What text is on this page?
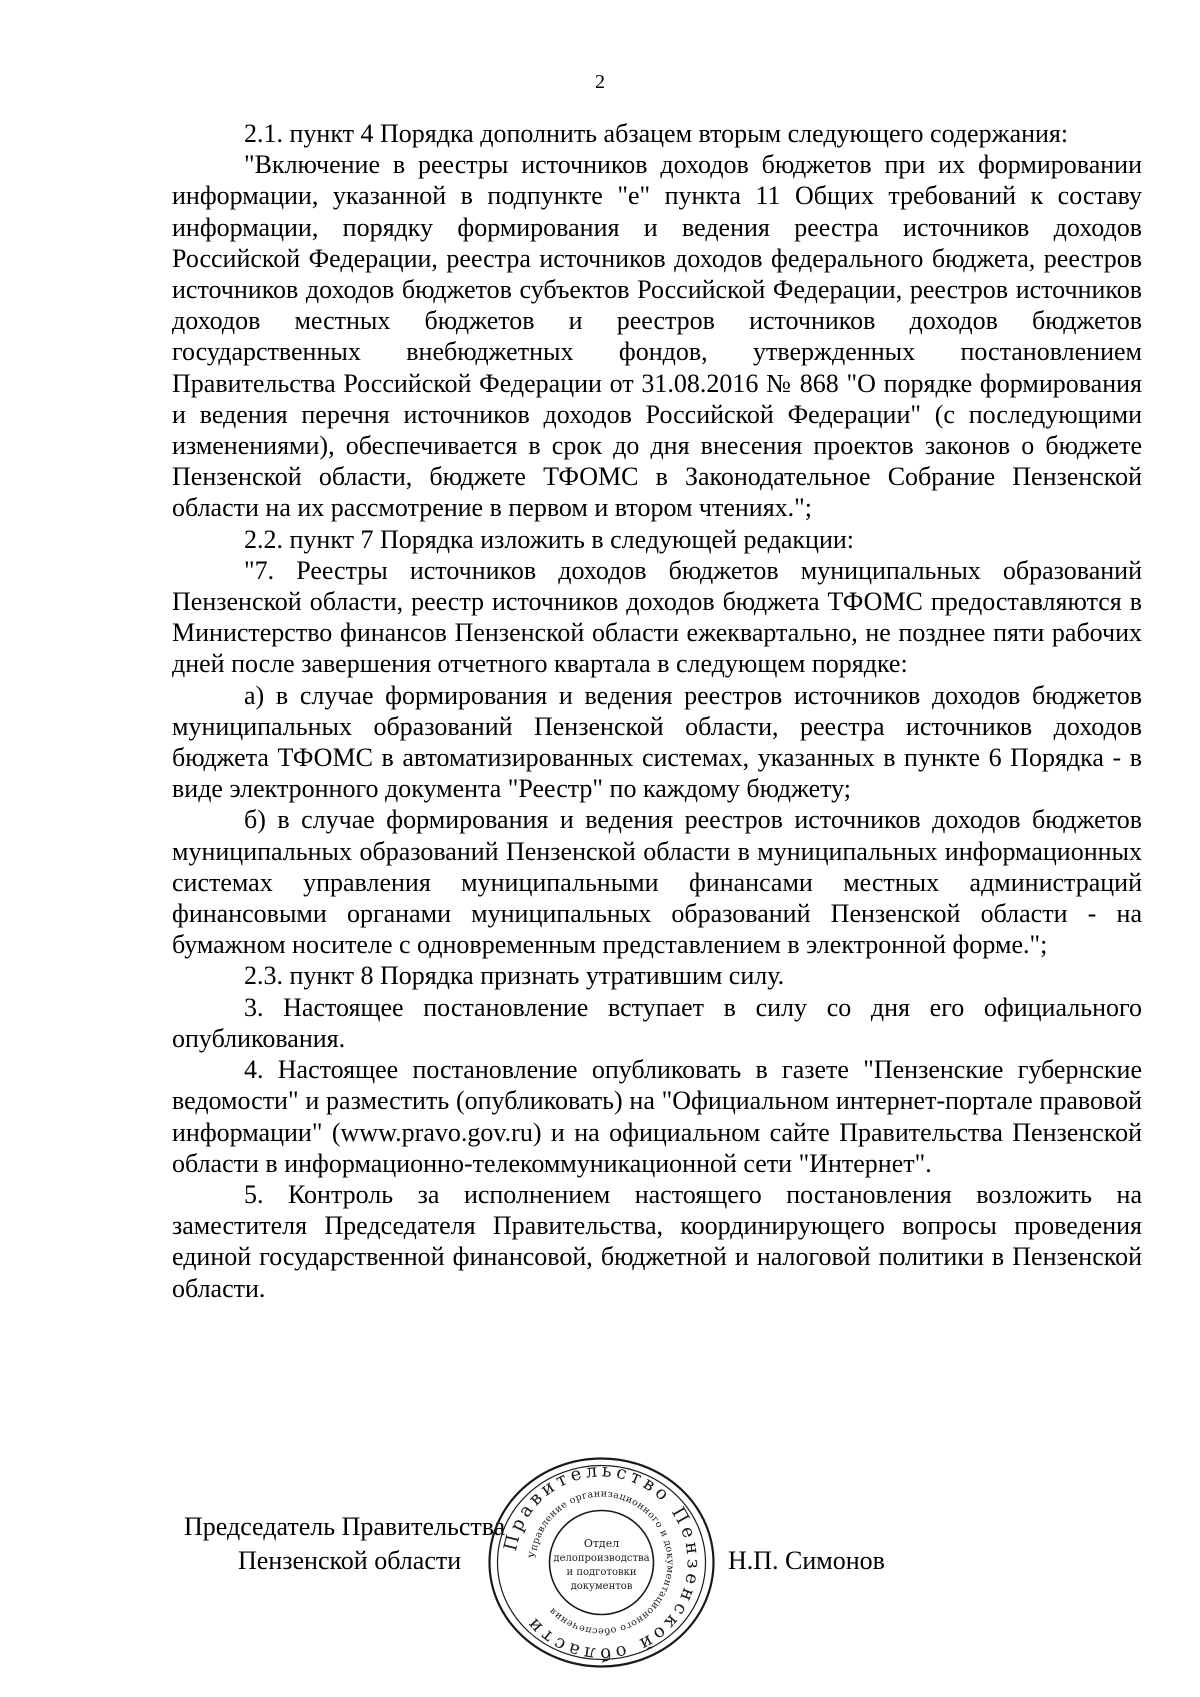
2

2.1. пункт 4 Порядка дополнить абзацем вторым следующего содержания:

"Включение в реестры источников доходов бюджетов при их формировании информации, указанной в подпункте "е" пункта 11 Общих требований к составу информации, порядку формирования и ведения реестра источников доходов Российской Федерации, реестра источников доходов федерального бюджета, реестров источников доходов бюджетов субъектов Российской Федерации, реестров источников доходов местных бюджетов и реестров источников доходов бюджетов государственных внебюджетных фондов, утвержденных постановлением Правительства Российской Федерации от 31.08.2016 № 868 "О порядке формирования и ведения перечня источников доходов Российской Федерации" (с последующими изменениями), обеспечивается в срок до дня внесения проектов законов о бюджете Пензенской области, бюджете ТФОМС в Законодательное Собрание Пензенской области на их рассмотрение в первом и втором чтениях.";

2.2. пункт 7 Порядка изложить в следующей редакции:

"7. Реестры источников доходов бюджетов муниципальных образований Пензенской области, реестр источников доходов бюджета ТФОМС предоставляются в Министерство финансов Пензенской области ежеквартально, не позднее пяти рабочих дней после завершения отчетного квартала в следующем порядке:

а) в случае формирования и ведения реестров источников доходов бюджетов муниципальных образований Пензенской области, реестра источников доходов бюджета ТФОМС в автоматизированных системах, указанных в пункте 6 Порядка - в виде электронного документа "Реестр" по каждому бюджету;

б) в случае формирования и ведения реестров источников доходов бюджетов муниципальных образований Пензенской области в муниципальных информационных системах управления муниципальными финансами местных администраций финансовыми органами муниципальных образований Пензенской области - на бумажном носителе с одновременным представлением в электронной форме.";

2.3. пункт 8 Порядка признать утратившим силу.

3. Настоящее постановление вступает в силу со дня его официального опубликования.

4. Настоящее постановление опубликовать в газете "Пензенские губернские ведомости" и разместить (опубликовать) на "Официальном интернет-портале правовой информации" (www.pravo.gov.ru) и на официальном сайте Правительства Пензенской области в информационно-телекоммуникационной сети "Интернет".

5. Контроль за исполнением настоящего постановления возложить на заместителя Председателя Правительства, координирующего вопросы проведения единой государственной финансовой, бюджетной и налоговой политики в Пензенской области.

Председатель Правительства
Пензенской области	Н.П. Симонов
Правительство Пензенской области
Управление организационного и документационного обеспечения
Отдел
делопроизводства
и подготовки
документов
